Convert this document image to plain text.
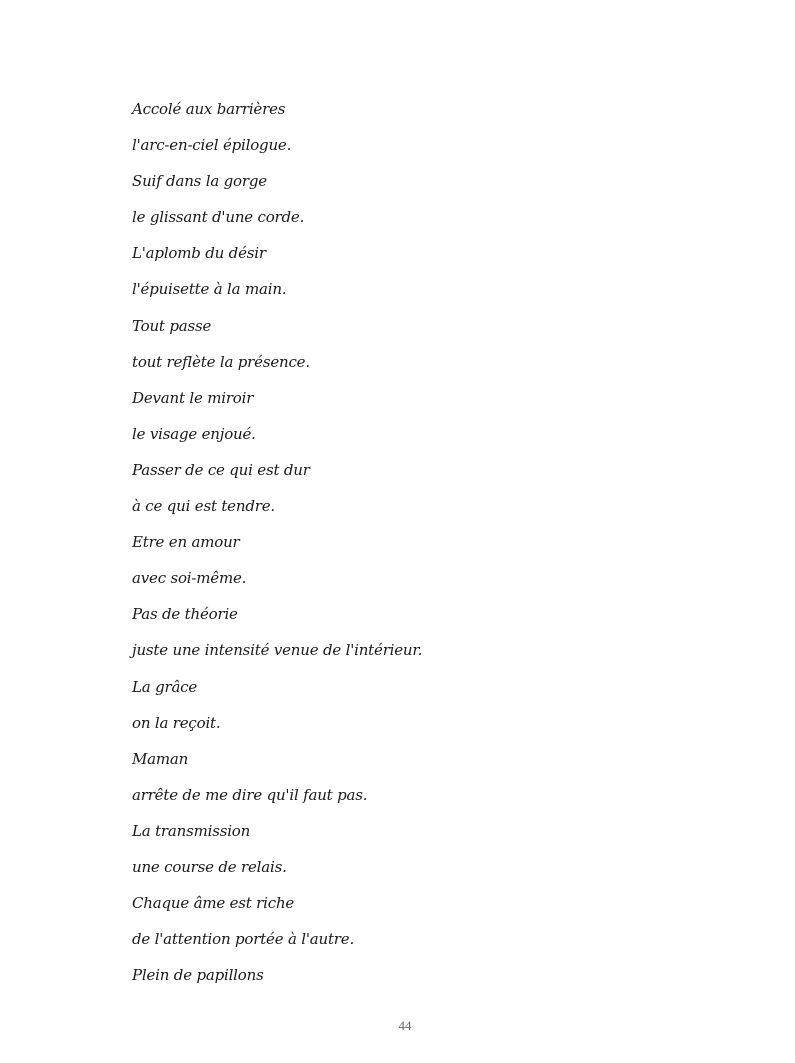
Accolé aux barrières
l'arc-en-ciel épilogue.
Suif dans la gorge
le glissant d'une corde.
L'aplomb du désir
l'épuisette à la main.
Tout passe
tout reflète la présence.
Devant le miroir
le visage enjoué.
Passer de ce qui est dur
à ce qui est tendre.
Etre en amour
avec soi-même.
Pas de théorie
juste une intensité venue de l'intérieur.
La grâce
on la reçoit.
Maman
arrête de me dire qu'il faut pas.
La transmission
une course de relais.
Chaque âme est riche
de l'attention portée à l'autre.
Plein de papillons
44
